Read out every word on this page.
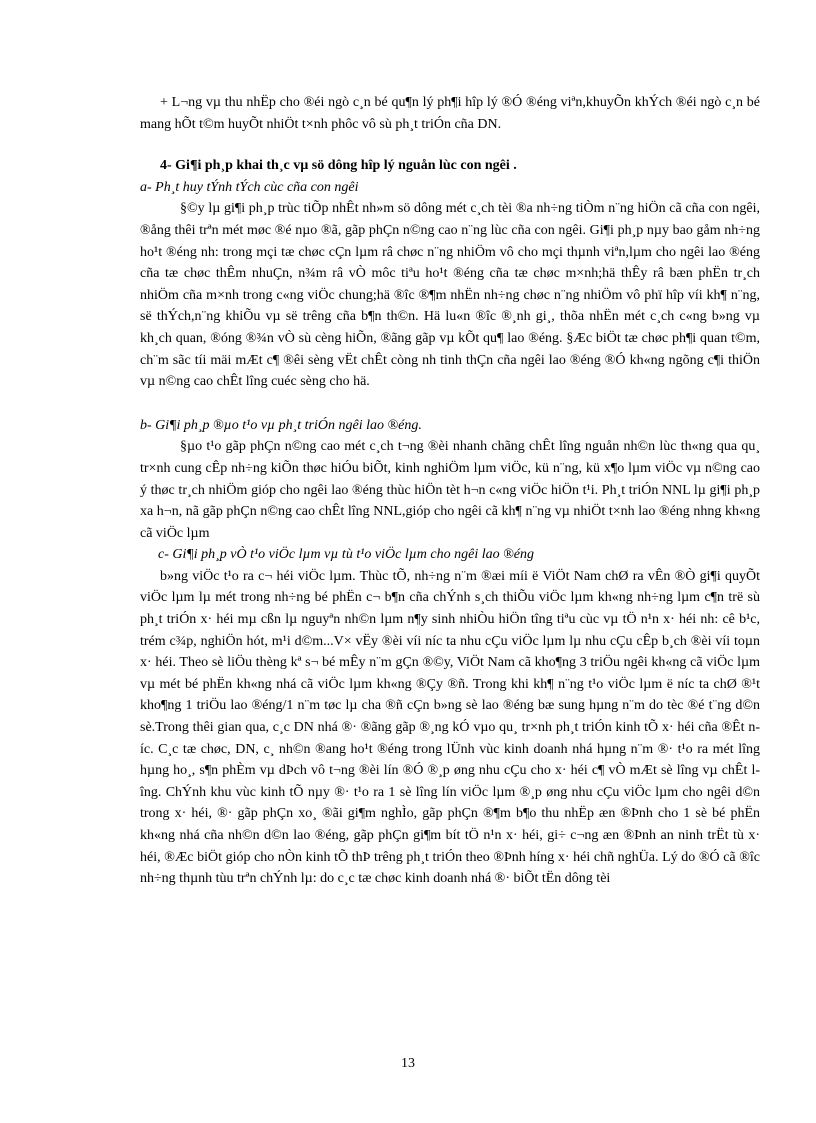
+ L¬ng vµ thu nhËp cho ®éi ngò c¸n bé qu¶n lý ph¶i hîp lý ®Ó ®éng viªn,khuyÕn khÝch ®éi ngò c¸n bé mang hÕt t©m huyÕt nhiÖt t×nh phôc vô sù ph¸t triÓn cña DN.

4- Gi¶i ph¸p khai th¸c vµ sö dông hîp lý nguån lùc con ngêi .

a- Ph¸t huy tÝnh tÝch cùc cña con ngêi

§©y lµ gi¶i ph¸p trùc tiÕp nhÊt nh»m sö dông mét c¸ch tèi ®a nh÷ng tiÒm n¨ng hiÖn cã cña con ngêi, ®ång thêi trªn mét møc ®é nµo ®ã, gãp phÇn n©ng cao n¨ng lùc cña con ngêi. Gi¶i ph¸p nµy bao gåm nh÷ng ho¹t ®éng nh: trong mçi tæ chøc cÇn lµm râ chøc n¨ng nhiÖm vô cho mçi thµnh viªn,lµm cho ngêi lao ®éng cña tæ chøc thÊm nhuÇn, n¾m râ vÒ môc tiªu ho¹t ®éng cña tæ chøc m×nh;hä thÊy râ bæn phËn tr¸ch nhiÖm cña m×nh trong c«ng viÖc chung;hä ®îc ®¶m nhËn nh÷ng chøc n¨ng nhiÖm vô phï hîp víi kh¶ n¨ng, së thÝch,n¨ng khiÕu vµ së trêng cña b¶n th©n. Hä lu«n ®îc ®¸nh gi¸, thõa nhËn mét c¸ch c«ng b»ng vµ kh¸ch quan, ®óng ®¾n vÒ sù cèng hiÕn, ®ãng gãp vµ kÕt qu¶ lao ®éng. §Æc biÖt tæ chøc ph¶i quan t©m, ch¨m sãc tíi mäi mÆt c¶ ®êi sèng vËt chÊt còng nh tinh thÇn cña ngêi lao ®éng ®Ó kh«ng ngõng c¶i thiÖn vµ n©ng cao chÊt lîng cuéc sèng cho hä.

b- Gi¶i ph¸p ®µo t¹o vµ ph¸t triÓn ngêi lao ®éng.

§µo t¹o gãp phÇn n©ng cao mét c¸ch t¬ng ®èi nhanh chãng chÊt lîng nguån nh©n lùc th«ng qua qu¸ tr×nh cung cÊp nh÷ng kiÕn thøc hiÓu biÕt, kinh nghiÖm lµm viÖc, kü n¨ng, kü x¶o lµm viÖc vµ n©ng cao ý thøc tr¸ch nhiÖm gióp cho ngêi lao ®éng thùc hiÖn tèt h¬n c«ng viÖc hiÖn t¹i. Ph¸t triÓn NNL lµ gi¶i ph¸p xa h¬n, nã gãp phÇn n©ng cao chÊt lîng NNL,gióp cho ngêi cã kh¶ n¨ng vµ nhiÖt t×nh lao ®éng nhng kh«ng cã viÖc lµm

c- Gi¶i ph¸p vÒ t¹o viÖc lµm vµ tù t¹o viÖc lµm cho ngêi lao ®éng

b»ng viÖc t¹o ra c¬ héi viÖc lµm. Thùc tÕ, nh÷ng n¨m ®æi míi ë ViÖt Nam chØ ra vÊn ®Ò gi¶i quyÕt viÖc lµm lµ mét trong nh÷ng bé phËn c¬ b¶n cña chÝnh s¸ch thiÕu viÖc lµm kh«ng nh÷ng lµm c¶n trë sù ph¸t triÓn x· héi mµ cßn lµ nguyªn nh©n lµm n¶y sinh nhiÒu hiÖn tîng tiªu cùc vµ tÖ n¹n x· héi nh: cê b¹c, trém c¾p, nghiÖn hót, m¹i d©m...V× vËy ®èi víi níc ta nhu cÇu viÖc lµm lµ nhu cÇu cÊp b¸ch ®èi víi toµn x· héi. Theo sè liÖu thèng kª s¬ bé mÊy n¨m gÇn ®©y, ViÖt Nam cã kho¶ng 3 triÖu ngêi kh«ng cã viÖc lµm vµ mét bé phËn kh«ng nhá cã viÖc lµm kh«ng ®Çy ®ñ. Trong khi kh¶ n¨ng t¹o viÖc lµm ë níc ta chØ ®¹t kho¶ng 1 triÖu lao ®éng/1 n¨m tøc lµ cha ®ñ cÇn b»ng sè lao ®éng bæ sung hµng n¨m do tèc ®é t¨ng d©n sè.Trong thêi gian qua, c¸c DN nhá ®· ®ãng gãp ®¸ng kÓ vµo qu¸ tr×nh ph¸t triÓn kinh tÕ x· héi cña ®Êt níc. C¸c tæ chøc, DN, c¸ nh©n ®ang ho¹t ®éng trong lÜnh vùc kinh doanh nhá hµng n¨m ®· t¹o ra mét lîng hµng ho¸, s¶n phÈm vµ dÞch vô t¬ng ®èi lín ®Ó ®¸p øng nhu cÇu cho x· héi c¶ vÒ mÆt sè lîng vµ chÊt lîng. ChÝnh khu vùc kinh tÕ nµy ®· t¹o ra 1 sè lîng lín viÖc lµm ®¸p øng nhu cÇu viÖc lµm cho ngêi d©n trong x· héi, ®· gãp phÇn xo¸ ®ãi gi¶m nghÌo, gãp phÇn ®¶m b¶o thu nhËp æn ®Þnh cho 1 sè bé phËn kh«ng nhá cña nh©n d©n lao ®éng, gãp phÇn gi¶m bít tÖ n¹n x· héi, gi÷ c¬ng æn ®Þnh an ninh trËt tù x· héi, ®Æc biÖt gióp cho nÒn kinh tÕ thÞ trêng ph¸t triÓn theo ®Þnh híng x· héi chñ nghÜa. Lý do ®Ó cã ®îc nh÷ng thµnh tùu trªn chÝnh lµ: do c¸c tæ chøc kinh doanh nhá ®· biÕt tËn dông tèi

13
